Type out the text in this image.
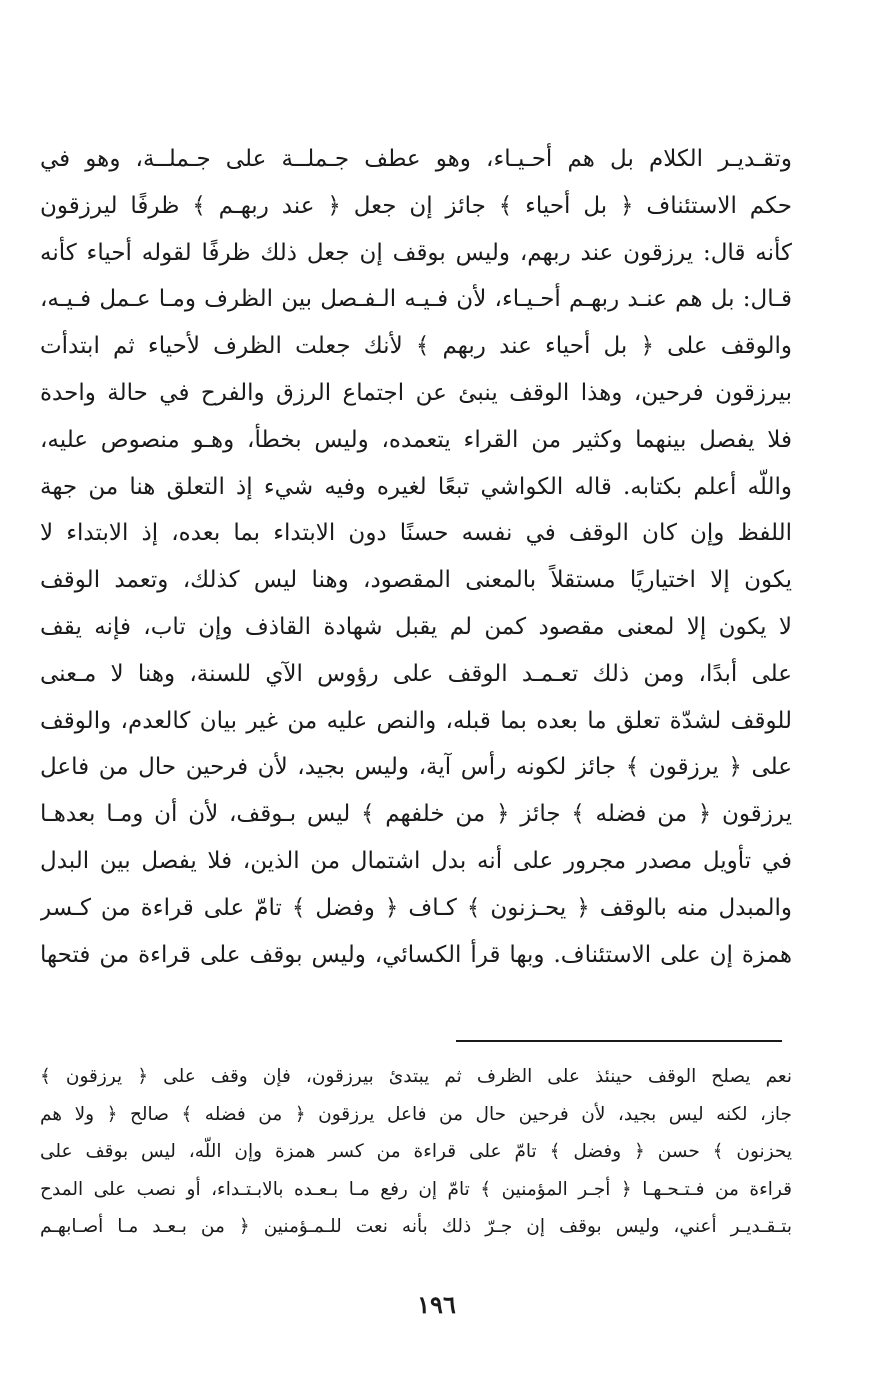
وتقـديـر الكلام بل هم أحـيـاء، وهو عطف جـملــة على جـملــة، وهو في
حكم الاستئناف ﴿ بل أحياء ﴾ جائز إن جعل ﴿ عند ربهـم ﴾ ظرفًا ليرزقون
كأنه قال: يرزقون عند ربهم، وليس بوقف إن جعل ذلك ظرفًا لقوله أحياء كأنه
قـال: بل هم عنـد ربهـم أحـيـاء، لأن فـيـه الـفـصل بين الظرف ومـا عـمل فـيـه،
والوقف على ﴿ بل أحياء عند ربهم ﴾ لأنك جعلت الظرف لأحياء ثم ابتدأت
بيرزقون فرحين، وهذا الوقف ينبئ عن اجتماع الرزق والفرح في حالة واحدة
فلا يفصل بينهما وكثير من القراء يتعمده، وليس بخطأ، وهـو منصوص عليه،
واللّه أعلم بكتابه. قاله الكواشي تبعًا لغيره وفيه شيء إذ التعلق هنا من جهة
اللفظ وإن كان الوقف في نفسه حسنًا دون الابتداء بما بعده، إذ الابتداء لا
يكون إلا اختياريًا مستقلاً بالمعنى المقصود، وهنا ليس كذلك، وتعمد الوقف
لا يكون إلا لمعنى مقصود كمن لم يقبل شهادة القاذف وإن تاب، فإنه يقف
على أبدًا، ومن ذلك تعـمـد الوقف على رؤوس الآي للسنة، وهنا لا مـعنى
للوقف لشدّة تعلق ما بعده بما قبله، والنص عليه من غير بيان كالعدم، والوقف
على ﴿ يرزقون ﴾ جائز لكونه رأس آية، وليس بجيد، لأن فرحين حال من فاعل
يرزقون ﴿ من فضله ﴾ جائز ﴿ من خلفهم ﴾ ليس بـوقف، لأن أن ومـا بعدهـا
في تأويل مصدر مجرور على أنه بدل اشتمال من الذين، فلا يفصل بين البدل
والمبدل منه بالوقف ﴿ يحـزنون ﴾ كـاف ﴿ وفضل ﴾ تامّ على قراءة من كـسر
همزة إن على الاستئناف. وبها قرأ الكسائي، وليس بوقف على قراءة من فتحها
نعم يصلح الوقف حينئذ على الظرف ثم يبتدئ بيرزقون، فإن وقف على ﴿ يرزقون ﴾
جاز، لكنه ليس بجيد، لأن فرحين حال من فاعل يرزقون ﴿ من فضله ﴾ صالح ﴿ ولا هم
يحزنون ﴾ حسن ﴿ وفضل ﴾ تامّ على قراءة من كسر همزة وإن اللّه، ليس بوقف على
قراءة من فـتـحـهـا ﴿ أجـر المؤمنين ﴾ تامّ إن رفع مـا بـعـده بالابـتـداء، أو نصب على المدح
بتـقـديـر أعني، وليس بوقف إن جـرّ ذلك بأنه نعت للـمـؤمنين ﴿ من بـعـد مـا أصـابهـم
١٩٦
